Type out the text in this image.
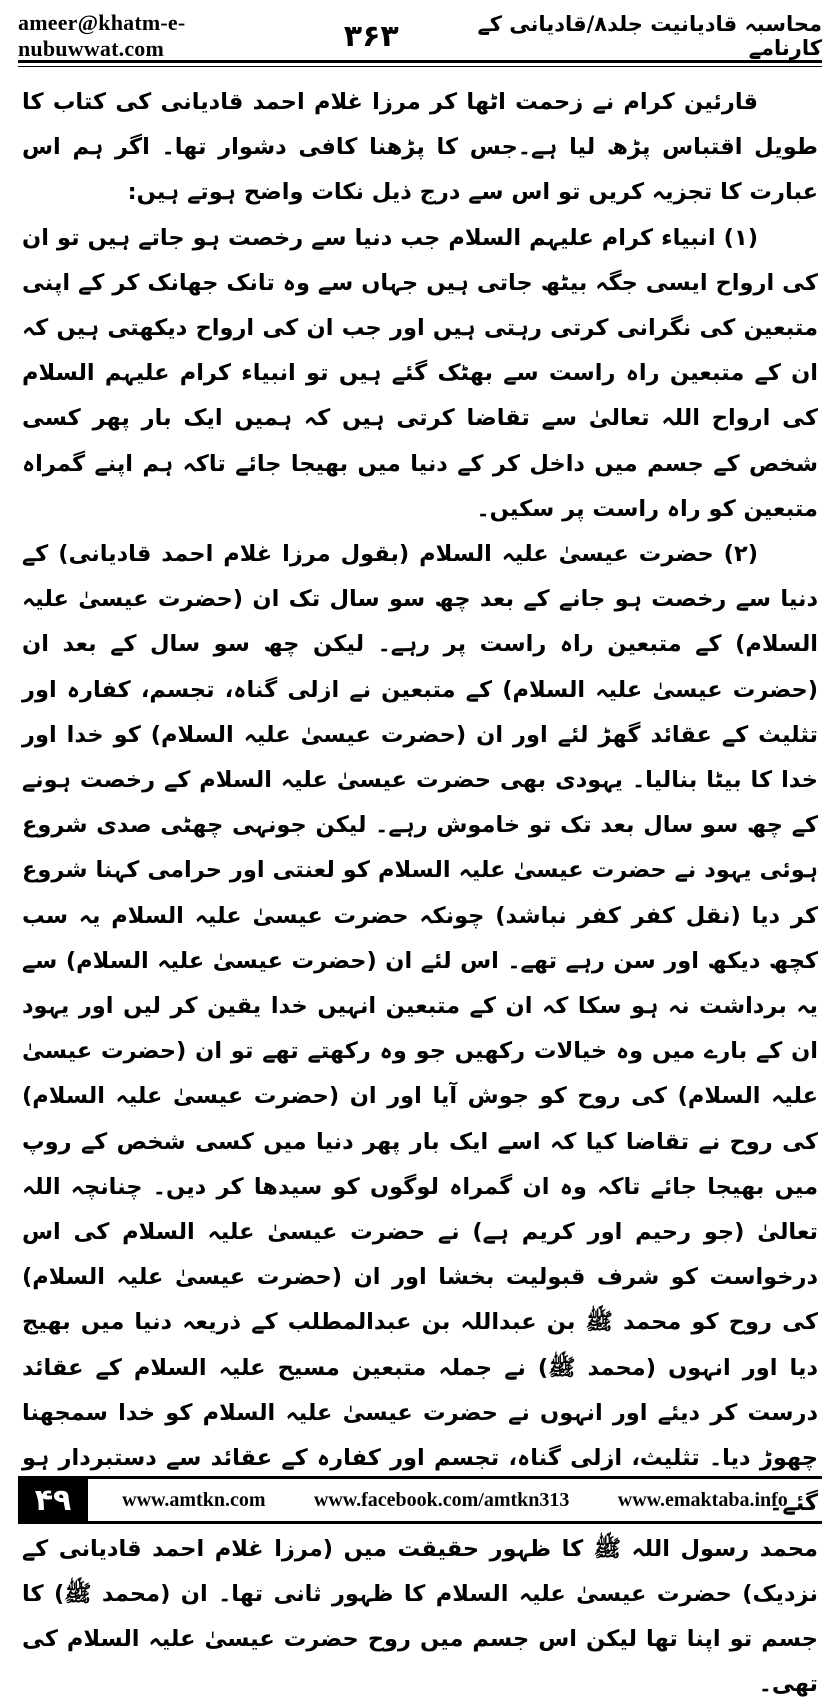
ameer@khatm-e-nubuwwat.com	۳۶۳	محاسبہ قادیانیت جلد۸/قادیانی کے کارنامے

قارئین کرام نے زحمت اٹھا کر مرزا غلام احمد قادیانی کی کتاب کا طویل اقتباس پڑھ لیا ہے۔جس کا پڑھنا کافی دشوار تھا۔ اگر ہم اس عبارت کا تجزیہ کریں تو اس سے درج ذیل نکات واضح ہوتے ہیں:

(۱) انبیاء کرام علیہم السلام جب دنیا سے رخصت ہو جاتے ہیں تو ان کی ارواح ایسی جگہ بیٹھ جاتی ہیں جہاں سے وہ تانک جھانک کر کے اپنی متبعین کی نگرانی کرتی رہتی ہیں اور جب ان کی ارواح دیکھتی ہیں کہ ان کے متبعین راہ راست سے بھٹک گئے ہیں تو انبیاء کرام علیہم السلام کی ارواح اللہ تعالیٰ سے تقاضا کرتی ہیں کہ ہمیں ایک بار پھر کسی شخص کے جسم میں داخل کر کے دنیا میں بھیجا جائے تاکہ ہم اپنے گمراہ متبعین کو راہ راست پر سکیں۔

(۲) حضرت عیسیٰ علیہ السلام (بقول مرزا غلام احمد قادیانی) کے دنیا سے رخصت ہو جانے کے بعد چھ سو سال تک ان (حضرت عیسیٰ علیہ السلام) کے متبعین راہ راست پر رہے۔ لیکن چھ سو سال کے بعد ان (حضرت عیسیٰ علیہ السلام) کے متبعین نے ازلی گناہ، تجسم، کفارہ اور تثلیث کے عقائد گھڑ لئے اور ان (حضرت عیسیٰ علیہ السلام) کو خدا اور خدا کا بیٹا بنالیا۔ یہودی بھی حضرت عیسیٰ علیہ السلام کے رخصت ہونے کے چھ سو سال بعد تک تو خاموش رہے۔ لیکن جونہی چھٹی صدی شروع ہوئی یہود نے حضرت عیسیٰ علیہ السلام کو لعنتی اور حرامی کہنا شروع کر دیا (نقل کفر کفر نباشد) چونکہ حضرت عیسیٰ علیہ السلام یہ سب کچھ دیکھ اور سن رہے تھے۔ اس لئے ان (حضرت عیسیٰ علیہ السلام) سے یہ برداشت نہ ہو سکا کہ ان کے متبعین انہیں خدا یقین کر لیں اور یہود ان کے بارے میں وہ خیالات رکھیں جو وہ رکھتے تھے تو ان (حضرت عیسیٰ علیہ السلام) کی روح کو جوش آیا اور ان (حضرت عیسیٰ علیہ السلام) کی روح نے تقاضا کیا کہ اسے ایک بار پھر دنیا میں کسی شخص کے روپ میں بھیجا جائے تاکہ وہ ان گمراہ لوگوں کو سیدھا کر دیں۔ چنانچہ اللہ تعالیٰ (جو رحیم اور کریم ہے) نے حضرت عیسیٰ علیہ السلام کی اس درخواست کو شرف قبولیت بخشا اور ان (حضرت عیسیٰ علیہ السلام) کی روح کو محمد ﷺ بن عبداللہ بن عبدالمطلب کے ذریعہ دنیا میں بھیج دیا اور انہوں (محمد ﷺ) نے جملہ متبعین مسیح علیہ السلام کے عقائد درست کر دیئے اور انہوں نے حضرت عیسیٰ علیہ السلام کو خدا سمجھنا چھوڑ دیا۔ تثلیث، ازلی گناہ، تجسم اور کفارہ کے عقائد سے دستبردار ہو گئے۔

محمد رسول اللہ ﷺ کا ظہور حقیقت میں (مرزا غلام احمد قادیانی کے نزدیک) حضرت عیسیٰ علیہ السلام کا ظہور ثانی تھا۔ ان (محمد ﷺ) کا جسم تو اپنا تھا لیکن اس جسم میں روح حضرت عیسیٰ علیہ السلام کی تھی۔

۴۹	www.amtkn.com www.facebook.com/amtkn313 www.emaktaba.info
